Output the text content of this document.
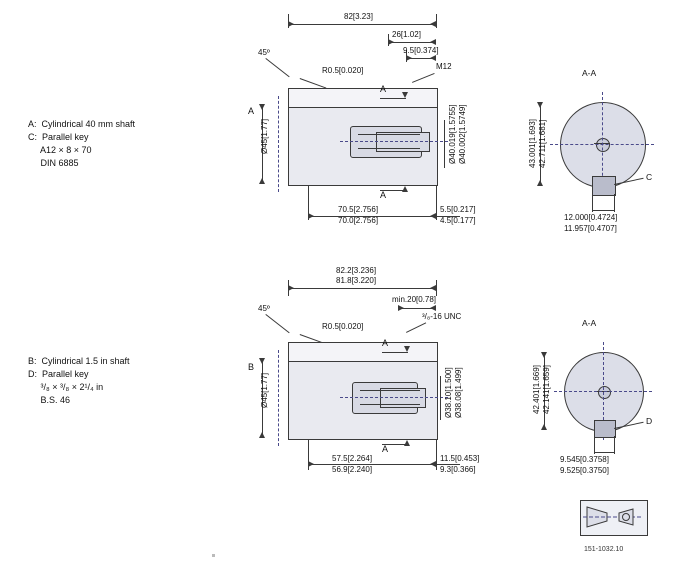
A:  Cylindrical 40 mm shaft
C:  Parallel key
A12 × 8 × 70
DIN 6885
B:  Cylindrical 1.5 in shaft
D:  Parallel key
³/₈ × ³/₈ × 2¹/₄ in
B.S. 46
82[3.23]
26[1.02]
9.5[0.374]
45º
R0.5[0.020]	M12
Ø45[1.77]	Ø40.019[1.5755] Ø40.002[1.5749]
A
A
A
70.5[2.756]
70.0[2.756]
5.5[0.217]
4.5[0.177]
A-A
43.001[1.693] 42.711[1.681]
C
12.000[0.4724]
11.957[0.4707]
82.2[3.236]
81.8[3.220]
min.20[0.78]
45º
R0.5[0.020]
³/₈-16 UNC
Ø45[1.77]	Ø38.10[1.500] Ø38.08[1.499]
A
A
B
57.5[2.264]
56.9[2.240]
11.5[0.453]
9.3[0.366]
A-A
42.401[1.669] 42.141[1.659]
D
9.545[0.3758]
9.525[0.3750]
151-1032.10
